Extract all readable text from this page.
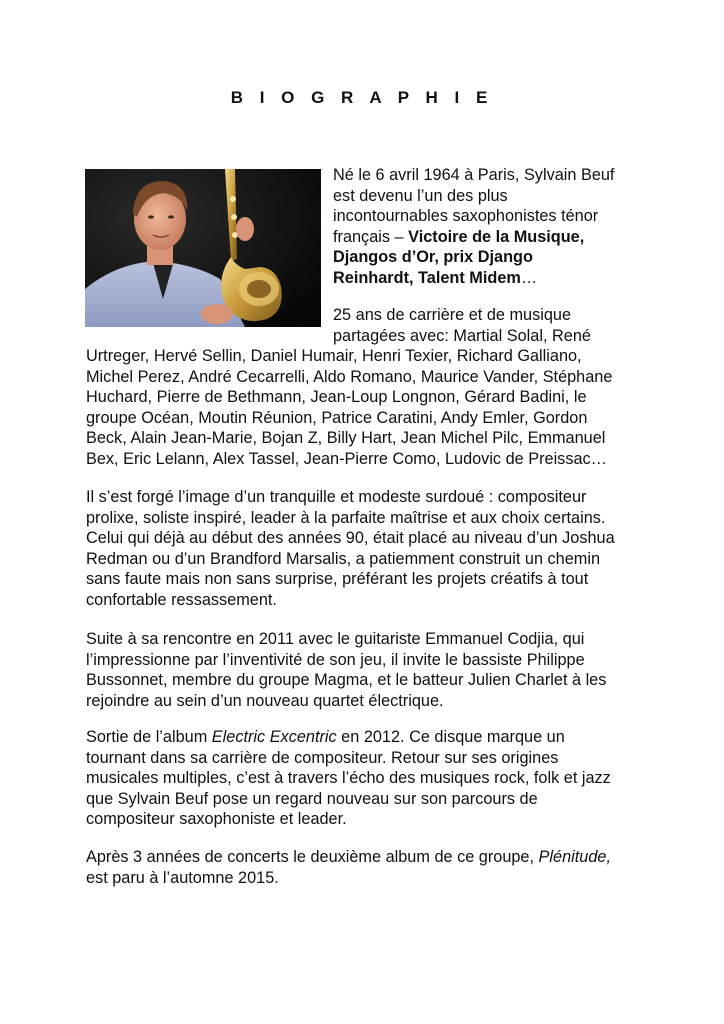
B I O G R A P H I E
Né le 6 avril 1964 à Paris, Sylvain Beuf
est devenu l’un des plus
incontournables saxophonistes ténor
français – Victoire de la Musique,
Djangos d’Or, prix Django
Reinhardt, Talent Midem…
25 ans de carrière et de musique
partagées avec: Martial Solal, René
Urtreger, Hervé Sellin, Daniel Humair, Henri Texier, Richard Galliano,
Michel Perez, André Cecarrelli, Aldo Romano, Maurice Vander, Stéphane
Huchard, Pierre de Bethmann, Jean-Loup Longnon, Gérard Badini, le
groupe Océan, Moutin Réunion, Patrice Caratini, Andy Emler, Gordon
Beck, Alain Jean-Marie, Bojan Z, Billy Hart, Jean Michel Pilc, Emmanuel
Bex, Eric Lelann, Alex Tassel, Jean-Pierre Como, Ludovic de Preissac…
Il s’est forgé l’image d’un tranquille et modeste surdoué : compositeur
prolixe, soliste inspiré, leader à la parfaite maîtrise et aux choix certains.
Celui qui déjà au début des années 90, était placé au niveau d’un Joshua
Redman ou d’un Brandford Marsalis, a patiemment construit un chemin
sans faute mais non sans surprise, préférant les projets créatifs à tout
confortable ressassement.
Suite à sa rencontre en 2011 avec le guitariste Emmanuel Codjia, qui
l’impressionne par l’inventivité de son jeu, il invite le bassiste Philippe
Bussonnet, membre du groupe Magma, et le batteur Julien Charlet à les
rejoindre au sein d’un nouveau quartet électrique.
Sortie de l’album Electric Excentric en 2012. Ce disque marque un
tournant dans sa carrière de compositeur. Retour sur ses origines
musicales multiples, c’est à travers l’écho des musiques rock, folk et jazz
que Sylvain Beuf pose un regard nouveau sur son parcours de
compositeur saxophoniste et leader.
Après 3 années de concerts le deuxième album de ce groupe, Plénitude,
est paru à l’automne 2015.
